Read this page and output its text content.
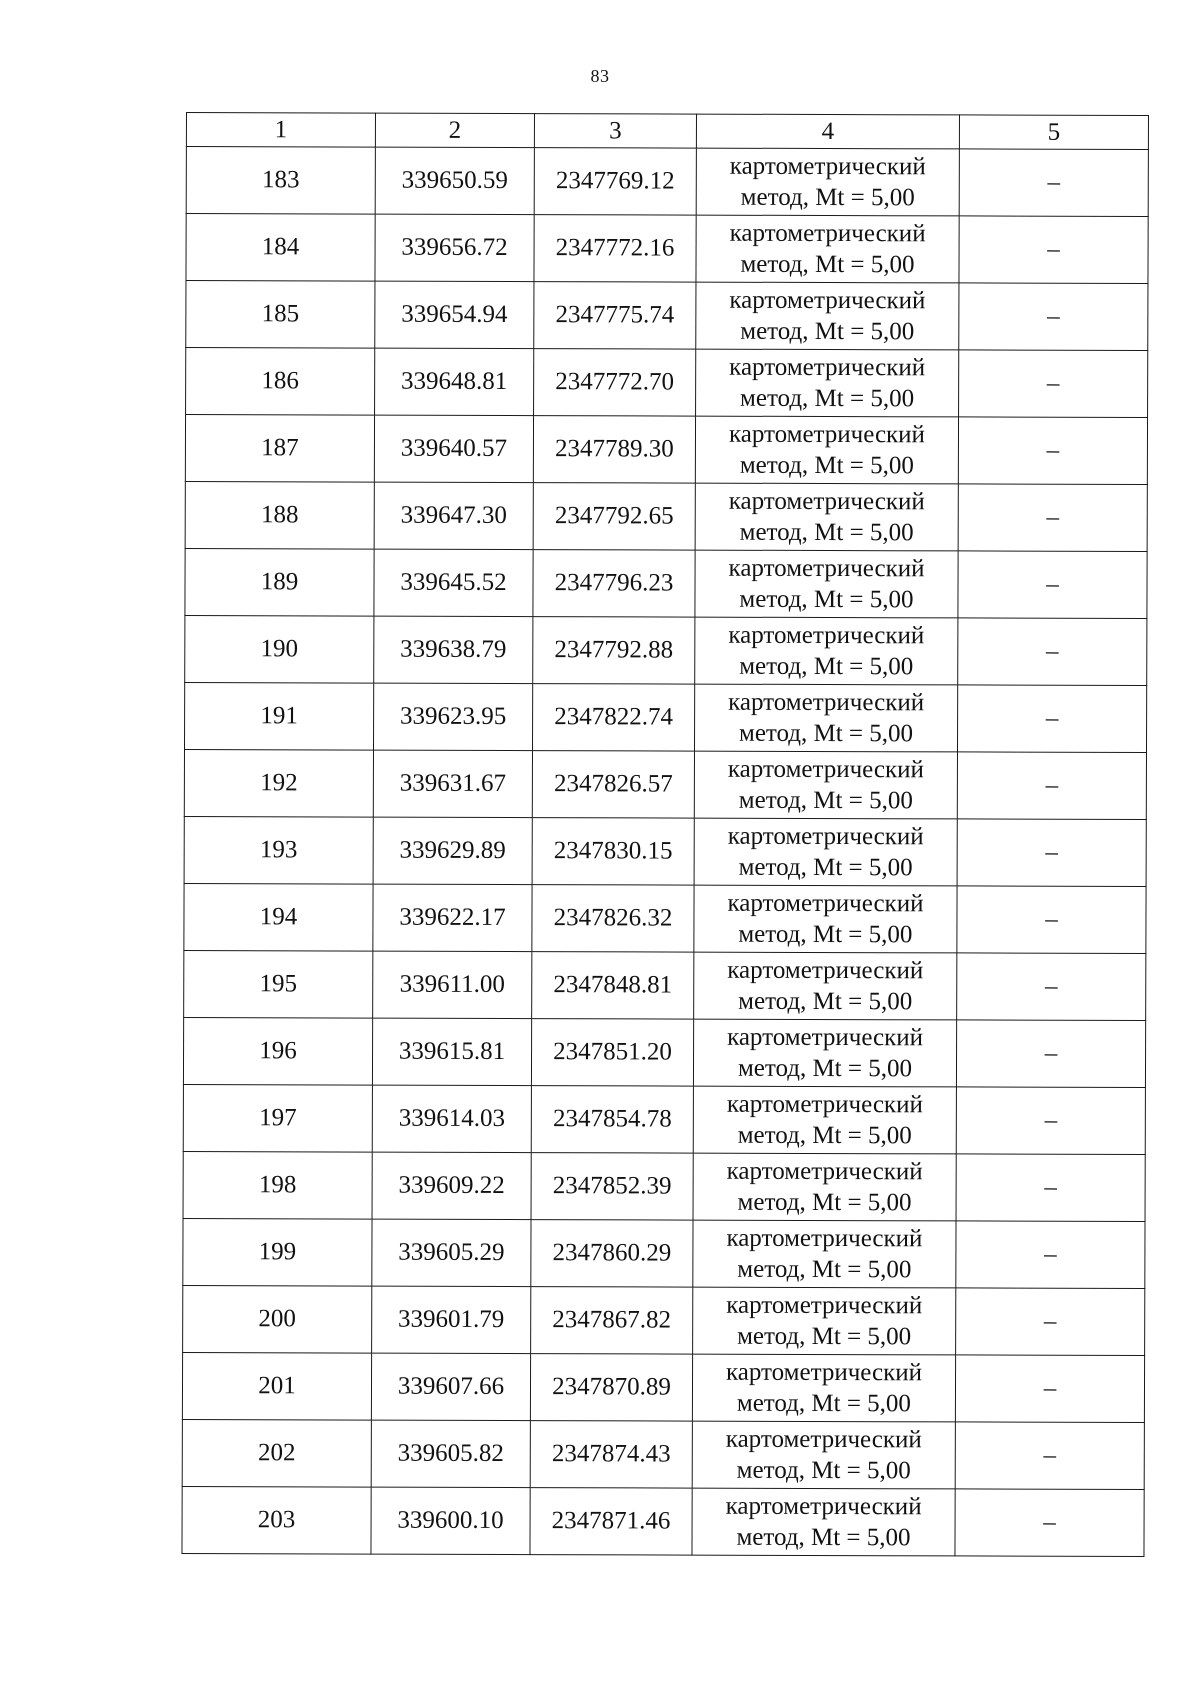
83
1	2	3	4	5
183	339650.59	2347769.12	картометрический
метод, Mt = 5,00	–
184	339656.72	2347772.16	картометрический
метод, Mt = 5,00	–
185	339654.94	2347775.74	картометрический
метод, Mt = 5,00	–
186	339648.81	2347772.70	картометрический
метод, Mt = 5,00	–
187	339640.57	2347789.30	картометрический
метод, Mt = 5,00	–
188	339647.30	2347792.65	картометрический
метод, Mt = 5,00	–
189	339645.52	2347796.23	картометрический
метод, Mt = 5,00	–
190	339638.79	2347792.88	картометрический
метод, Mt = 5,00	–
191	339623.95	2347822.74	картометрический
метод, Mt = 5,00	–
192	339631.67	2347826.57	картометрический
метод, Mt = 5,00	–
193	339629.89	2347830.15	картометрический
метод, Mt = 5,00	–
194	339622.17	2347826.32	картометрический
метод, Mt = 5,00	–
195	339611.00	2347848.81	картометрический
метод, Mt = 5,00	–
196	339615.81	2347851.20	картометрический
метод, Mt = 5,00	–
197	339614.03	2347854.78	картометрический
метод, Mt = 5,00	–
198	339609.22	2347852.39	картометрический
метод, Mt = 5,00	–
199	339605.29	2347860.29	картометрический
метод, Mt = 5,00	–
200	339601.79	2347867.82	картометрический
метод, Mt = 5,00	–
201	339607.66	2347870.89	картометрический
метод, Mt = 5,00	–
202	339605.82	2347874.43	картометрический
метод, Mt = 5,00	–
203	339600.10	2347871.46	картометрический
метод, Mt = 5,00	–
